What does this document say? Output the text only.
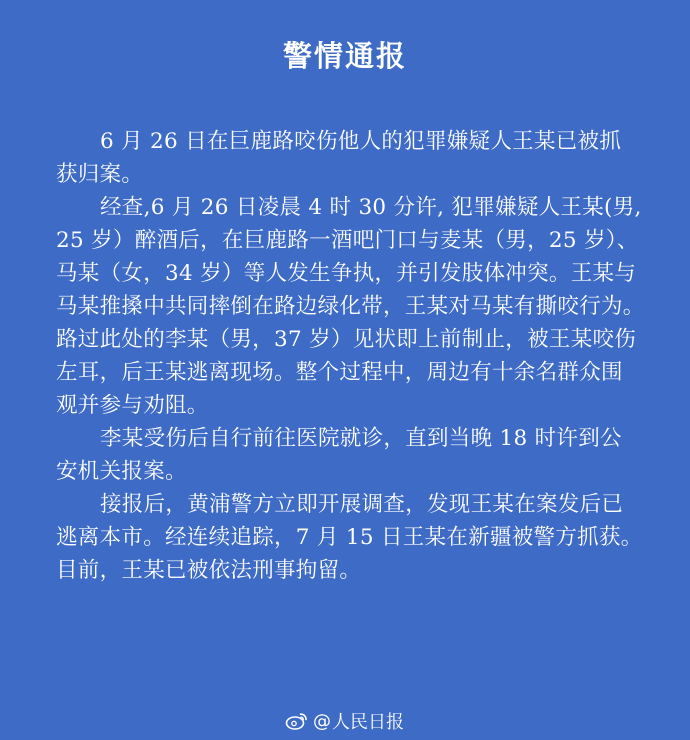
警情通报
6 月 26 日在巨鹿路咬伤他人的犯罪嫌疑人王某已被抓
获归案。
经查,6 月 26 日凌晨 4 时 30 分许, 犯罪嫌疑人王某(男,
25 岁）醉酒后，在巨鹿路一酒吧门口与麦某（男，25 岁）、
马某（女，34 岁）等人发生争执，并引发肢体冲突。王某与
马某推搡中共同摔倒在路边绿化带，王某对马某有撕咬行为。
路过此处的李某（男，37 岁）见状即上前制止，被王某咬伤
左耳，后王某逃离现场。整个过程中，周边有十余名群众围
观并参与劝阻。
李某受伤后自行前往医院就诊，直到当晚 18 时许到公
安机关报案。
接报后，黄浦警方立即开展调查，发现王某在案发后已
逃离本市。经连续追踪，7 月 15 日王某在新疆被警方抓获。
目前，王某已被依法刑事拘留。
@ 人民日报
